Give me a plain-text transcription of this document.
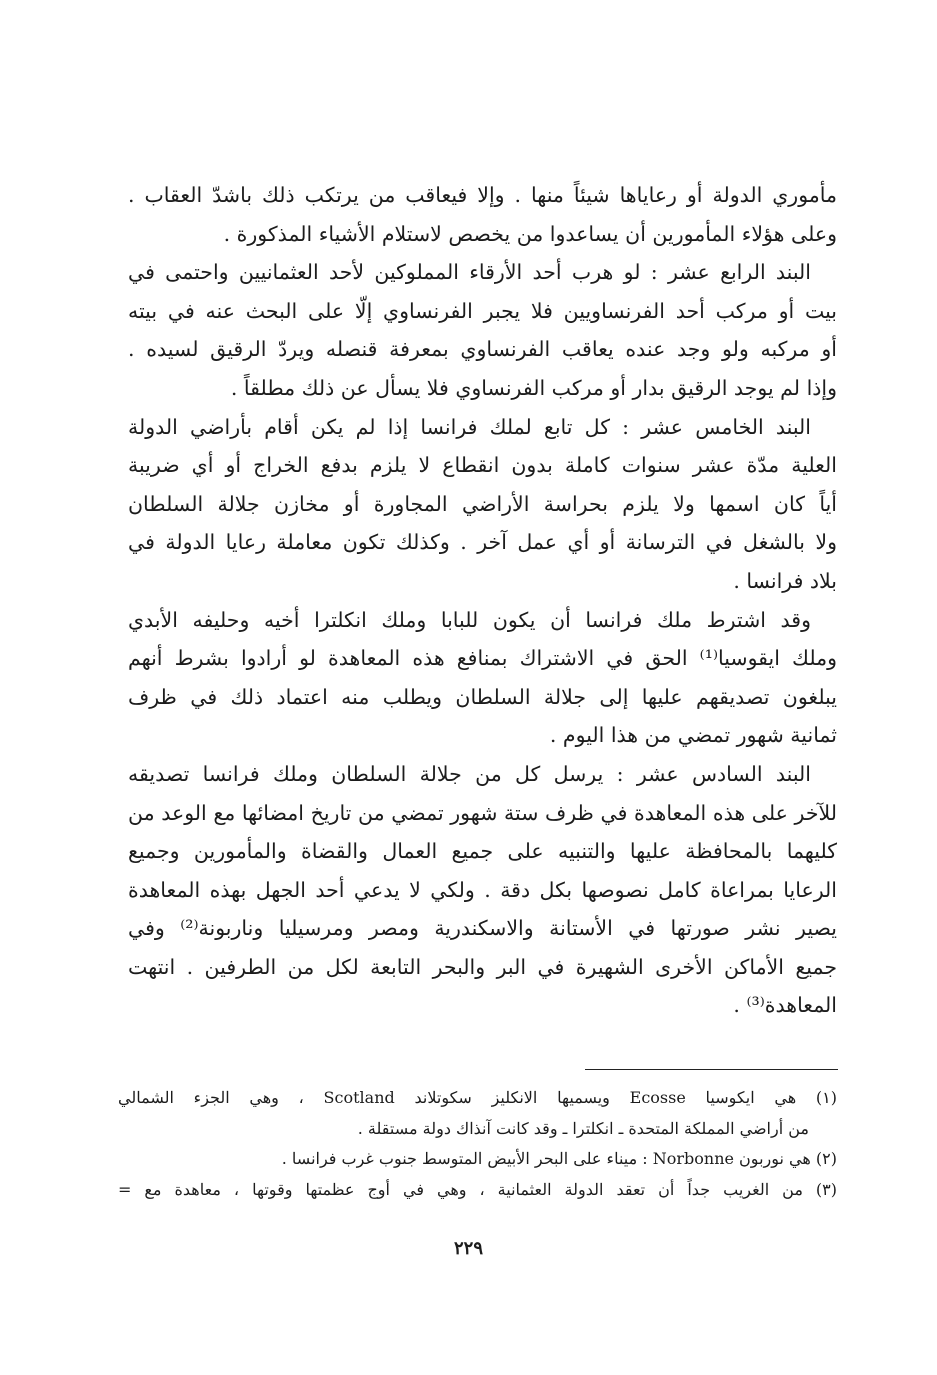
مأموري الدولة أو رعاياها شيئاً منها . وإلا فيعاقب من يرتكب ذلك باشدّ العقاب .
وعلى هؤلاء المأمورين أن يساعدوا من يخصص لاستلام الأشياء المذكورة .
البند الرابع عشر : لو هرب أحد الأرقاء المملوكين لأحد العثمانيين واحتمى في
بيت أو مركب أحد الفرنساويين فلا يجبر الفرنساوي إلّا على البحث عنه في بيته
أو مركبه ولو وجد عنده يعاقب الفرنساوي بمعرفة قنصله ويردّ الرقيق لسيده .
وإذا لم يوجد الرقيق بدار أو مركب الفرنساوي فلا يسأل عن ذلك مطلقاً .
البند الخامس عشر : كل تابع لملك فرانسا إذا لم يكن أقام بأراضي الدولة
العلية مدّة عشر سنوات كاملة بدون انقطاع لا يلزم بدفع الخراج أو أي ضريبة
أياً كان اسمها ولا يلزم بحراسة الأراضي المجاورة أو مخازن جلالة السلطان
ولا بالشغل في الترسانة أو أي عمل آخر . وكذلك تكون معاملة رعايا الدولة في
بلاد فرانسا .
وقد اشترط ملك فرانسا أن يكون للبابا وملك انكلترا أخيه وحليفه الأبدي
وملك ايقوسيا⁽¹⁾ الحق في الاشتراك بمنافع هذه المعاهدة لو أرادوا بشرط أنهم
يبلغون تصديقهم عليها إلى جلالة السلطان ويطلب منه اعتماد ذلك في ظرف
ثمانية شهور تمضي من هذا اليوم .
البند السادس عشر : يرسل كل من جلالة السلطان وملك فرانسا تصديقه
للآخر على هذه المعاهدة في ظرف ستة شهور تمضي من تاريخ امضائها مع الوعد من
كليهما بالمحافظة عليها والتنبيه على جميع العمال والقضاة والمأمورين وجميع
الرعايا بمراعاة كامل نصوصها بكل دقة . ولكي لا يدعي أحد الجهل بهذه المعاهدة
يصير نشر صورتها في الأستانة والاسكندرية ومصر ومرسيليا وناربونة⁽²⁾ وفي
جميع الأماكن الأخرى الشهيرة في البر والبحر التابعة لكل من الطرفين . انتهت
المعاهدة⁽³⁾ .
(١) هي ايكوسيا Ecosse ويسميها الانكليز سكوتلاند Scotland ، وهي الجزء الشمالي
من أراضي المملكة المتحدة ـ انكلترا ـ وقد كانت آنذاك دولة مستقلة .
(٢) هي نوربون Norbonne : ميناء على البحر الأبيض المتوسط جنوب غرب فرانسا .
(٣) من الغريب جداً أن تعقد الدولة العثمانية ، وهي في أوج عظمتها وقوتها ، معاهدة مع =
٢٢٩
